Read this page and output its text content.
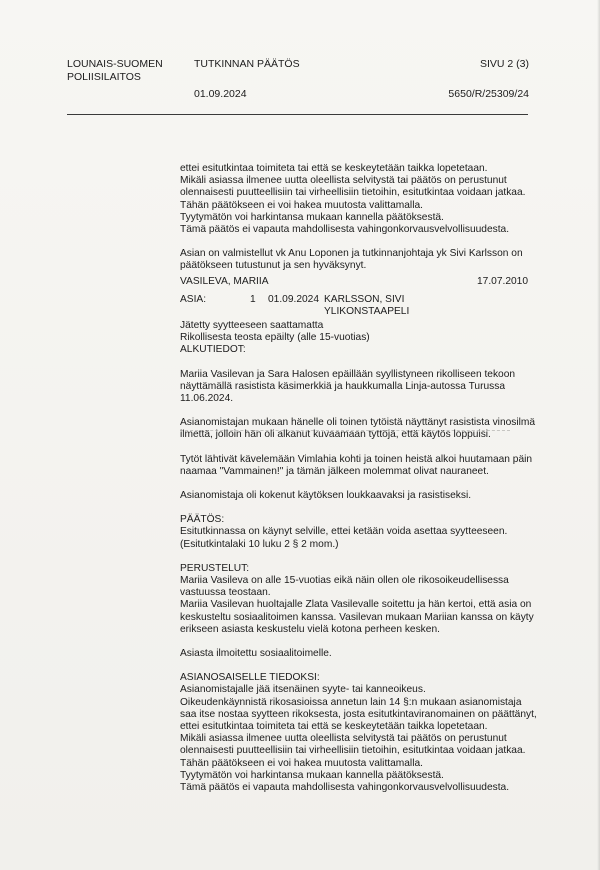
LOUNAIS-SUOMEN
POLIISILAITOS
TUTKINNAN PÄÄTÖS
01.09.2024
SIVU 2 (3)
5650/R/25309/24
ettei esitutkintaa toimiteta tai että se keskeytetään taikka lopetetaan.
Mikäli asiassa ilmenee uutta oleellista selvitystä tai päätös on perustunut
olennaisesti puutteellisiin tai virheellisiin tietoihin, esitutkintaa voidaan jatkaa.
Tähän päätökseen ei voi hakea muutosta valittamalla.
Tyytymätön voi harkintansa mukaan kannella päätöksestä.
Tämä päätös ei vapauta mahdollisesta vahingonkorvausvelvollisuudesta.
Asian on valmistellut vk Anu Loponen ja tutkinnanjohtaja yk Sivi Karlsson on
päätökseen tutustunut ja sen hyväksynyt.
VASILEVA, MARIIA	17.07.2010
ASIA:	1 01.09.2024 KARLSSON, SIVI
YLIKONSTAAPELI
Jätetty syytteeseen saattamatta
Rikollisesta teosta epäilty (alle 15-vuotias)
ALKUTIEDOT:
Mariia Vasilevan ja Sara Halosen epäillään syyllistyneen rikolliseen tekoon
näyttämällä rasistista käsimerkkiä ja haukkumalla Linja-autossa Turussa
11.06.2024.
Asianomistajan mukaan hänelle oli toinen tytöistä näyttänyt rasistista vinosilmä
ilmettä, jolloin hän oli alkanut kuvaamaan tyttöjä, että käytös loppuisi.
Tytöt lähtivät kävelemään Vimlahia kohti ja toinen heistä alkoi huutamaan päin
naamaa "Vammainen!" ja tämän jälkeen molemmat olivat nauraneet.
Asianomistaja oli kokenut käytöksen loukkaavaksi ja rasistiseksi.
PÄÄTÖS:
Esitutkinnassa on käynyt selville, ettei ketään voida asettaa syytteeseen.
(Esitutkintalaki 10 luku 2 § 2 mom.)
PERUSTELUT:
Mariia Vasileva on alle 15-vuotias eikä näin ollen ole rikosoikeudellisessa
vastuussa teostaan.
Mariia Vasilevan huoltajalle Zlata Vasilevalle soitettu ja hän kertoi, että asia on
keskusteltu sosiaalitoimen kanssa. Vasilevan mukaan Mariian kanssa on käyty
erikseen asiasta keskustelu vielä kotona perheen kesken.
Asiasta ilmoitettu sosiaalitoimelle.
ASIANOSAISELLE TIEDOKSI:
Asianomistajalle jää itsenäinen syyte- tai kanneoikeus.
Oikeudenkäynnistä rikosasioissa annetun lain 14 §:n mukaan asianomistaja
saa itse nostaa syytteen rikoksesta, josta esitutkintaviranomainen on päättänyt,
ettei esitutkintaa toimiteta tai että se keskeytetään taikka lopetetaan.
Mikäli asiassa ilmenee uutta oleellista selvitystä tai päätös on perustunut
olennaisesti puutteellisiin tai virheellisiin tietoihin, esitutkintaa voidaan jatkaa.
Tähän päätökseen ei voi hakea muutosta valittamalla.
Tyytymätön voi harkintansa mukaan kannella päätöksestä.
Tämä päätös ei vapauta mahdollisesta vahingonkorvausvelvollisuudesta.
